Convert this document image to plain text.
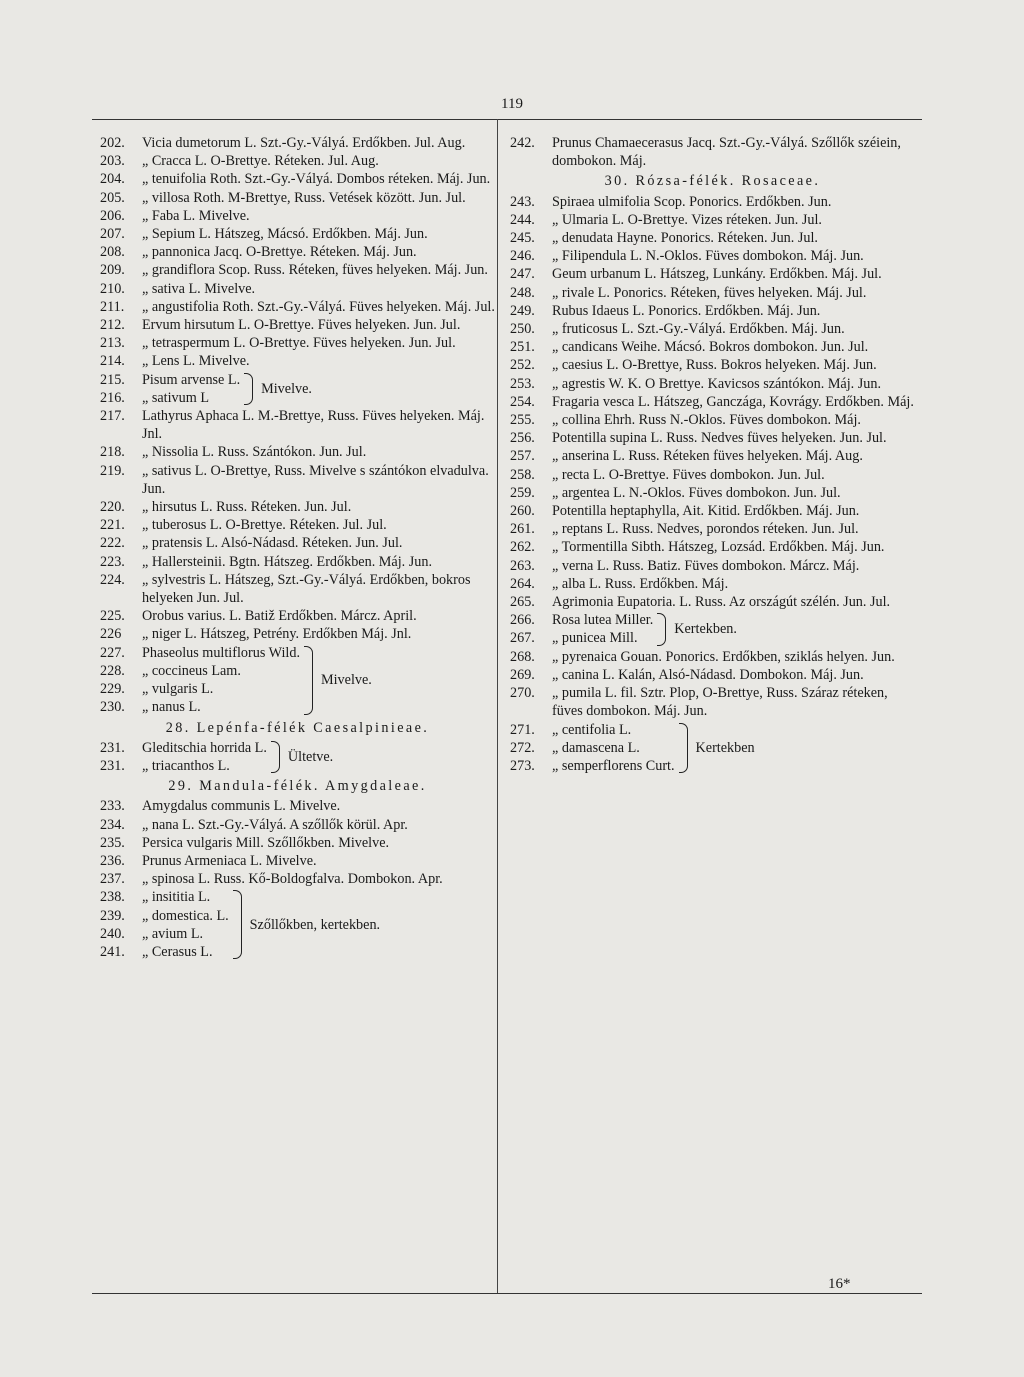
119
202. Vicia dumetorum L. Szt.-Gy.-Vályá. Erdőkben. Jul. Aug.
203. „ Cracca L. O-Brettye. Réteken. Jul. Aug.
204. „ tenuifolia Roth. Szt.-Gy.-Vályá. Dombos réteken. Máj. Jun.
205. „ villosa Roth. M-Brettye, Russ. Vetések között. Jun. Jul.
206. „ Faba L. Mivelve.
207. „ Sepium L. Hátszeg, Mácsó. Erdőkben. Máj. Jun.
208. „ pannonica Jacq. O-Brettye. Réteken. Máj. Jun.
209. „ grandiflora Scop. Russ. Réteken, füves helyeken. Máj. Jun.
210. „ sativa L. Mivelve.
211. „ angustifolia Roth. Szt.-Gy.-Vályá. Füves helyeken. Máj. Jul.
212. Ervum hirsutum L. O-Brettye. Füves helyeken. Jun. Jul.
213. „ tetraspermum L. O-Brettye. Füves helyeken. Jun. Jul.
214. „ Lens L. Mivelve.
215. Pisum arvense L.
216. „ sativum L
Mivelve.
217. Lathyrus Aphaca L. M.-Brettye, Russ. Füves helyeken. Máj. Jnl.
218. „ Nissolia L. Russ. Szántókon. Jun. Jul.
219. „ sativus L. O-Brettye, Russ. Mivelve s szántókon elvadulva. Jun.
220. „ hirsutus L. Russ. Réteken. Jun. Jul.
221. „ tuberosus L. O-Brettye. Réteken. Jul. Jul.
222. „ pratensis L. Alsó-Nádasd. Réteken. Jun. Jul.
223. „ Hallersteinii. Bgtn. Hátszeg. Erdőkben. Máj. Jun.
224. „ sylvestris L. Hátszeg, Szt.-Gy.-Vályá. Erdőkben, bokros helyeken Jun. Jul.
225. Orobus varius. L. Batiž Erdőkben. Márcz. April.
226 „ niger L. Hátszeg, Petrény. Erdőkben Máj. Jnl.
227. Phaseolus multiflorus Wild.
228. „ coccineus Lam.
229. „ vulgaris L.
230. „ nanus L.
Mivelve.
28. Lepénfa-félék Caesalpinieae.
231. Gleditschia horrida L.
231. „ triacanthos L.
Ültetve.
29. Mandula-félék. Amygdaleae.
233. Amygdalus communis L. Mivelve.
234. „ nana L. Szt.-Gy.-Vályá. A szőllők körül. Apr.
235. Persica vulgaris Mill. Szőllőkben. Mivelve.
236. Prunus Armeniaca L. Mivelve.
237. „ spinosa L. Russ. Kő-Boldogfalva. Dombokon. Apr.
238. „ insititia L.
239. „ domestica. L.
240. „ avium L.
241. „ Cerasus L.
Szőllőkben, kertekben.
242. Prunus Chamaecerasus Jacq. Szt.-Gy.-Vályá. Szőllők széiein, dombokon. Máj.
30. Rózsa-félék. Rosaceae.
243. Spiraea ulmifolia Scop. Ponorics. Erdőkben. Jun.
244. „ Ulmaria L. O-Brettye. Vizes réteken. Jun. Jul.
245. „ denudata Hayne. Ponorics. Réteken. Jun. Jul.
246. „ Filipendula L. N.-Oklos. Füves dombokon. Máj. Jun.
247. Geum urbanum L. Hátszeg, Lunkány. Erdőkben. Máj. Jul.
248. „ rivale L. Ponorics. Réteken, füves helyeken. Máj. Jul.
249. Rubus Idaeus L. Ponorics. Erdőkben. Máj. Jun.
250. „ fruticosus L. Szt.-Gy.-Vályá. Erdőkben. Máj. Jun.
251. „ candicans Weihe. Mácsó. Bokros dombokon. Jun. Jul.
252. „ caesius L. O-Brettye, Russ. Bokros helyeken. Máj. Jun.
253. „ agrestis W. K. O Brettye. Kavicsos szántókon. Máj. Jun.
254. Fragaria vesca L. Hátszeg, Ganczága, Kovrágy. Erdőkben. Máj.
255. „ collina Ehrh. Russ N.-Oklos. Füves dombokon. Máj.
256. Potentilla supina L. Russ. Nedves füves helyeken. Jun. Jul.
257. „ anserina L. Russ. Réteken füves helyeken. Máj. Aug.
258. „ recta L. O-Brettye. Füves dombokon. Jun. Jul.
259. „ argentea L. N.-Oklos. Füves dombokon. Jun. Jul.
260. Potentilla heptaphylla, Ait. Kitid. Erdőkben. Máj. Jun.
261. „ reptans L. Russ. Nedves, porondos réteken. Jun. Jul.
262. „ Tormentilla Sibth. Hátszeg, Lozsád. Erdőkben. Máj. Jun.
263. „ verna L. Russ. Batiz. Füves dombokon. Márcz. Máj.
264. „ alba L. Russ. Erdőkben. Máj.
265. Agrimonia Eupatoria. L. Russ. Az országút szélén. Jun. Jul.
266. Rosa lutea Miller.
267. „ punicea Mill.
Kertekben.
268. „ pyrenaica Gouan. Ponorics. Erdőkben, sziklás helyen. Jun.
269. „ canina L. Kalán, Alsó-Nádasd. Dombokon. Máj. Jun.
270. „ pumila L. fil. Sztr. Plop, O-Brettye, Russ. Száraz réteken, füves dombokon. Máj. Jun.
271. „ centifolia L.
272. „ damascena L.
273. „ semperflorens Curt.
Kertekben
16*
